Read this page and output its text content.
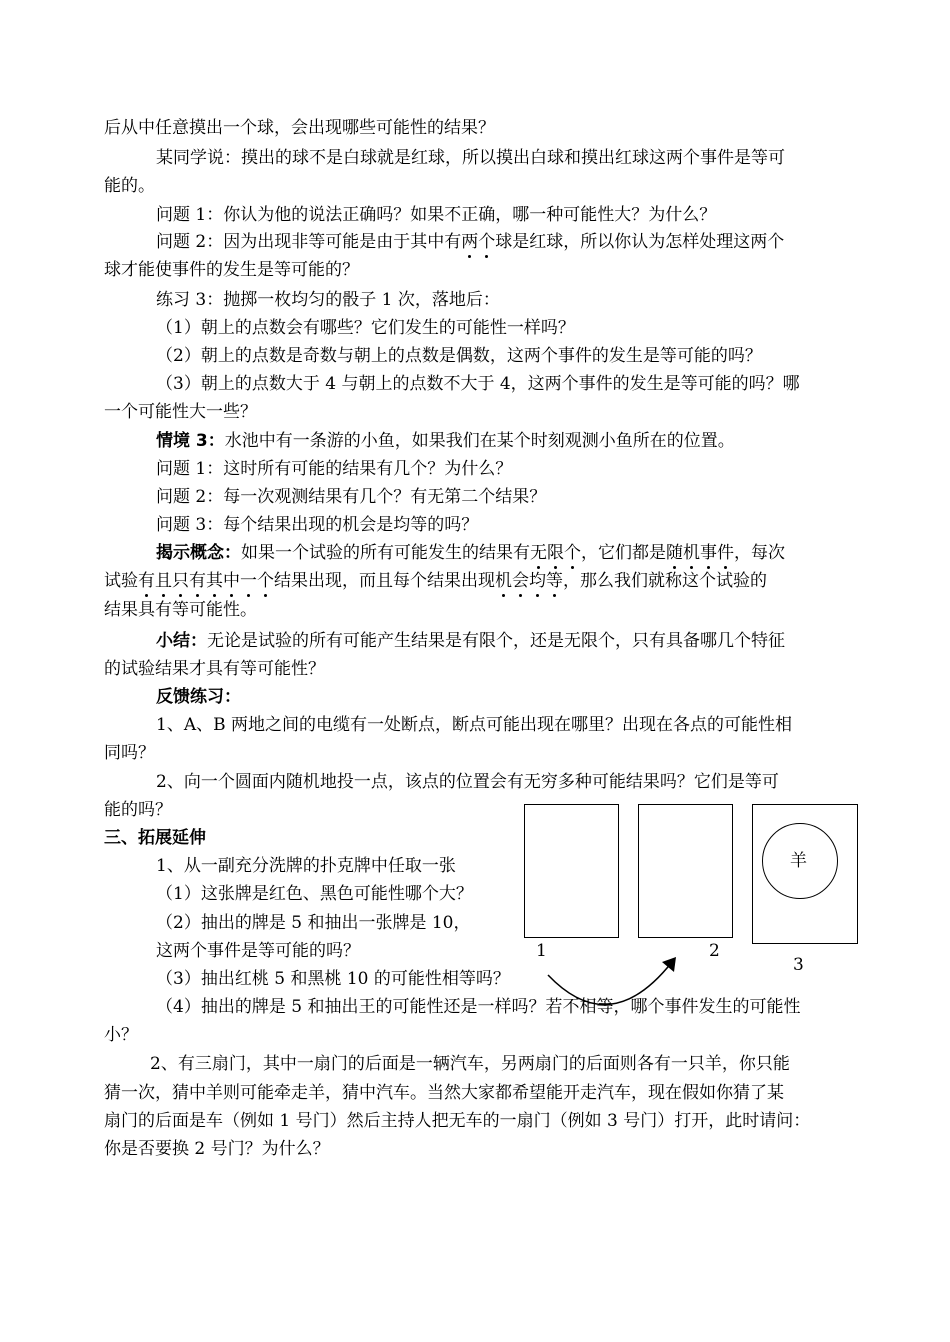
后从中任意摸出一个球，会出现哪些可能性的结果？
某同学说：摸出的球不是白球就是红球，所以摸出白球和摸出红球这两个事件是等可
能的。
问题 1：你认为他的说法正确吗？如果不正确，哪一种可能性大？为什么？
问题 2：因为出现非等可能是由于其中有两个球是红球，所以你认为怎样处理这两个
球才能使事件的发生是等可能的？
练习 3：抛掷一枚均匀的骰子 1 次，落地后：
（1）朝上的点数会有哪些？它们发生的可能性一样吗？
（2）朝上的点数是奇数与朝上的点数是偶数，这两个事件的发生是等可能的吗？
（3）朝上的点数大于 4 与朝上的点数不大于 4，这两个事件的发生是等可能的吗？哪
一个可能性大一些？
情境 3：水池中有一条游的小鱼，如果我们在某个时刻观测小鱼所在的位置。
问题 1：这时所有可能的结果有几个？为什么？
问题 2：每一次观测结果有几个？有无第二个结果？
问题 3：每个结果出现的机会是均等的吗？
揭示概念：如果一个试验的所有可能发生的结果有无限个，它们都是随机事件，每次
试验有且只有其中一个结果出现，而且每个结果出现机会均等，那么我们就称这个试验的
结果具有等可能性。
小结：无论是试验的所有可能产生结果是有限个，还是无限个，只有具备哪几个特征
的试验结果才具有等可能性？
反馈练习：
1、A、B 两地之间的电缆有一处断点，断点可能出现在哪里？出现在各点的可能性相
同吗？
2、向一个圆面内随机地投一点，该点的位置会有无穷多种可能结果吗？它们是等可
能的吗？
三、拓展延伸
1、从一副充分洗牌的扑克牌中任取一张
（1）这张牌是红色、黑色可能性哪个大？
（2）抽出的牌是 5 和抽出一张牌是 10，
这两个事件是等可能的吗？
（3）抽出红桃 5 和黑桃 10 的可能性相等吗？
（4）抽出的牌是 5 和抽出王的可能性还是一样吗？若不相等，哪个事件发生的可能性
小？
2、有三扇门，其中一扇门的后面是一辆汽车，另两扇门的后面则各有一只羊，你只能
猜一次，猜中羊则可能牵走羊，猜中汽车。当然大家都希望能开走汽车，现在假如你猜了某
扇门的后面是车（例如 1 号门）然后主持人把无车的一扇门（例如 3 号门）打开，此时请问：
你是否要换 2 号门？为什么？
羊
1	2
3
